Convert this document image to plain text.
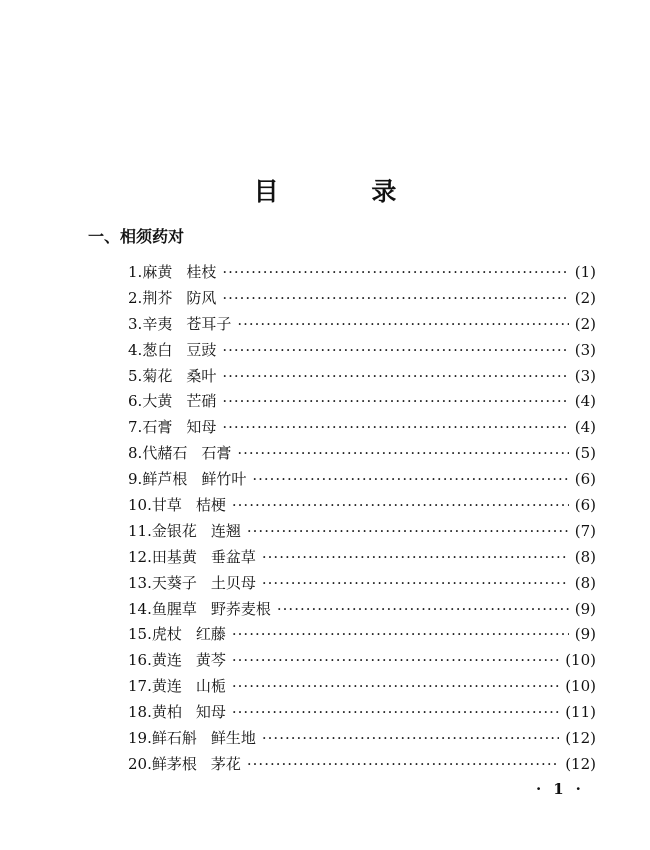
目 录
一、相须药对
1. 麻黄 桂枝 ·····	(1)
2. 荆芥 防风 ·····	(2)
3. 辛夷 苍耳子 ·····	(2)
4. 葱白 豆豉 ·····	(3)
5. 菊花 桑叶 ·····	(3)
6. 大黄 芒硝 ·····	(4)
7. 石膏 知母 ·····	(4)
8. 代赭石 石膏 ·····	(5)
9. 鲜芦根 鲜竹叶 ·····	(6)
10. 甘草 桔梗 ·····	(6)
11. 金银花 连翘 ·····	(7)
12. 田基黄 垂盆草 ·····	(8)
13. 天葵子 土贝母 ·····	(8)
14. 鱼腥草 野荞麦根 ·····	(9)
15. 虎杖 红藤 ·····	(9)
16. 黄连 黄芩 ·····	(10)
17. 黄连 山栀 ·····	(10)
18. 黄柏 知母 ·····	(11)
19. 鲜石斛 鲜生地 ·····	(12)
20. 鲜茅根 茅花 ·····	(12)
· 1 ·
